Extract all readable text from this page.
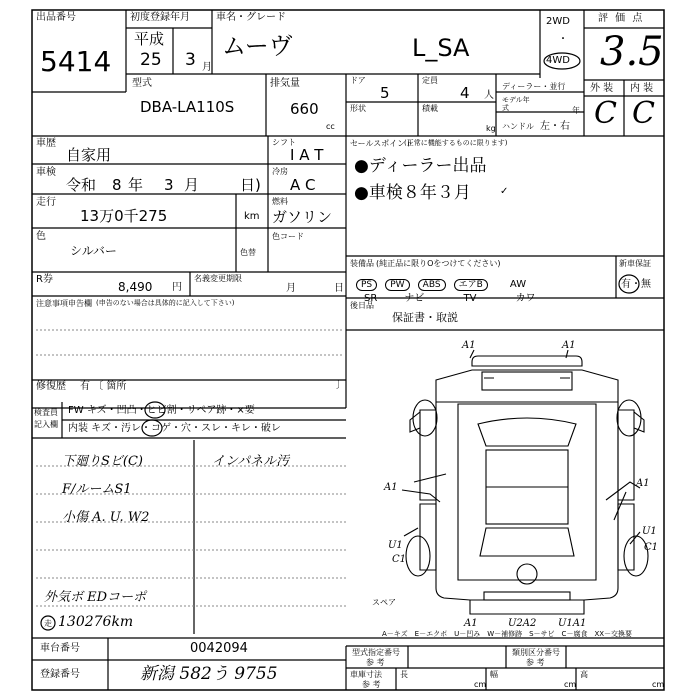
出品番号
5414
初度登録年月
平成
25 3 月
車名・グレード
ムーヴ	L_SA
2WD
・
4WD
評 価 点
3.5
型式
DBA-LA110S
排気量
660
cc
ドア
5
形状
定員
4 人
積載
kg
ディーラー・並行
モデル年式	年
ハンドル 左・右
外 装 内 装
C C
車歴
自家用
シフト
I A T
車検
令和 8 年 3 月	日)
冷房
A C
走行
13万0千275	km
燃料
ガソリン
色
シルバー	色替
色コード
R券
8,490 円
名義変更期限
月	日
注意事項申告欄 (申告のない場合は具体的に記入して下さい)
修復歴 有 〔 箇所	〕
セールスポイント
(正常に機能するものに限ります)
●ディーラー出品
●車検８年３月	✓
装備品 (純正品に限りOをつけてください)
PS PW ABS エアB	AW
SR	ナビ	TV	カワ
新車保証
有・無
後日品
保証書・取説
検査員
記入欄
FW キズ・凹凸・ヒビ割・リペア跡・×要
内装 キズ・汚レ・コゲ・穴・スレ・キレ・破レ
下廻りSビ(C)
F/ルームS1
小傷 A. U. W2
インパネル汚
外気ボ EDコーポ
走 130276km
A1	A1
A1	A1
U1
C1
U1
C1
A1	U2A2 U1A1
スペア
A－キズ　E－エクボ　U－凹み　W－補修跡　S－サビ　C－腐食　XX－交換要
車台番号	0042094
登録番号	新潟 582う 9755
型式指定番号
参 考
類別区分番号
参 考
車庫寸法
参 考
長
cm
幅
cm
高
cm
